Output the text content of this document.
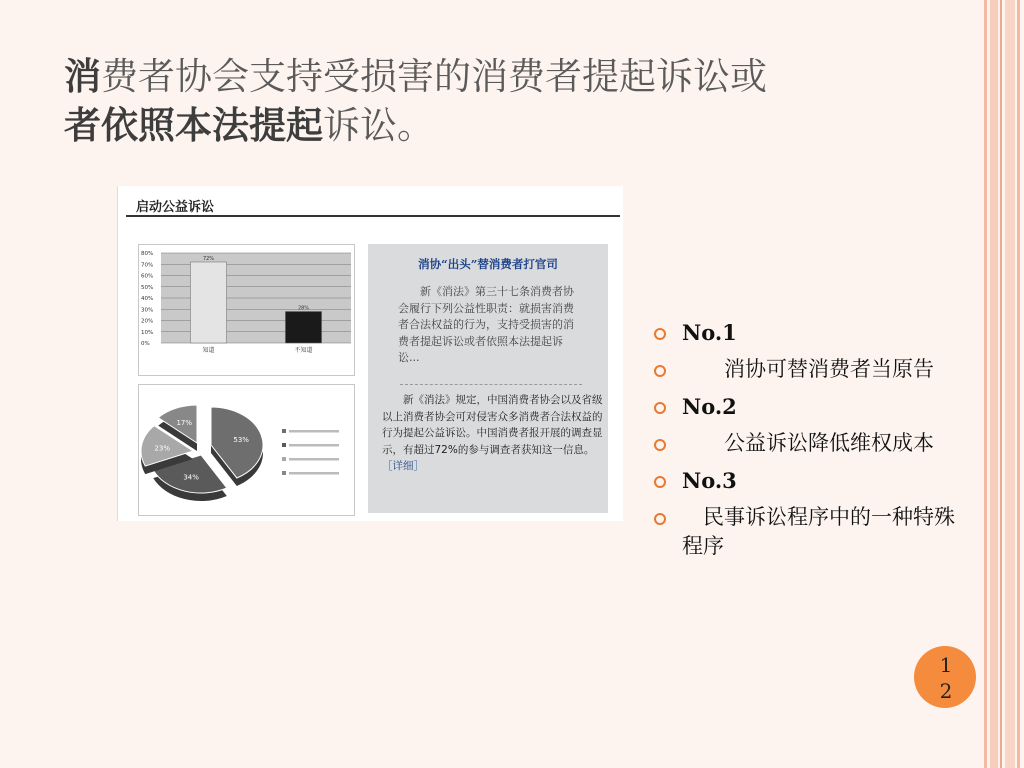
消费者协会支持受损害的消费者提起诉讼或
者依照本法提起诉讼。
启动公益诉讼
80%
70%
60%
50%
40%
30%
20%
10%
0%
72%
知道
28%
不知道
53%
34%
23%
17%
消协“出头”替消费者打官司
新《消法》第三十七条消费者协会履行下列公益性职责：就损害消费者合法权益的行为，支持受损害的消费者提起诉讼或者依照本法提起诉讼...
新《消法》规定，中国消费者协会以及省级以上消费者协会可对侵害众多消费者合法权益的行为提起公益诉讼。中国消费者报开展的调查显示，有超过72%的参与调查者获知这一信息。 ［详细］
No.1
　　消协可替消费者当原告
No.2
　　公益诉讼降低维权成本
No.3
　民事诉讼程序中的一种特殊程序
1
2
